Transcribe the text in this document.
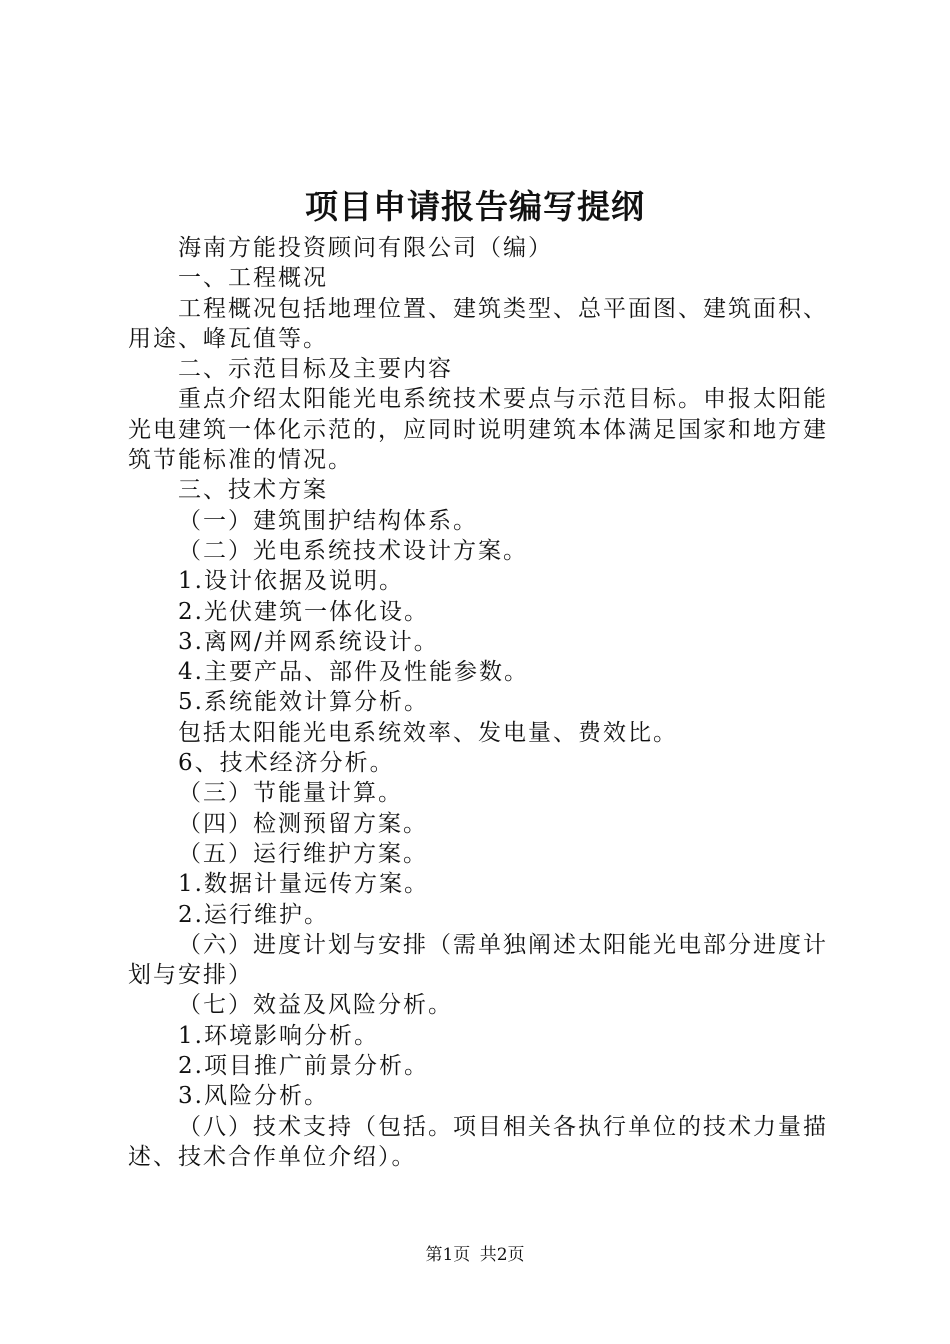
项目申请报告编写提纲

海南方能投资顾问有限公司（编）

一、工程概况

工程概况包括地理位置、建筑类型、总平面图、建筑面积、用途、峰瓦值等。

二、示范目标及主要内容

重点介绍太阳能光电系统技术要点与示范目标。申报太阳能光电建筑一体化示范的，应同时说明建筑本体满足国家和地方建筑节能标准的情况。

三、技术方案

（一）建筑围护结构体系。

（二）光电系统技术设计方案。

1.设计依据及说明。

2.光伏建筑一体化设。

3.离网/并网系统设计。

4.主要产品、部件及性能参数。

5.系统能效计算分析。

包括太阳能光电系统效率、发电量、费效比。

6、技术经济分析。

（三）节能量计算。

（四）检测预留方案。

（五）运行维护方案。

1.数据计量远传方案。

2.运行维护。

（六）进度计划与安排（需单独阐述太阳能光电部分进度计划与安排）

（七）效益及风险分析。

1.环境影响分析。

2.项目推广前景分析。

3.风险分析。

（八）技术支持（包括。项目相关各执行单位的技术力量描述、技术合作单位介绍）。

第1页 共2页
